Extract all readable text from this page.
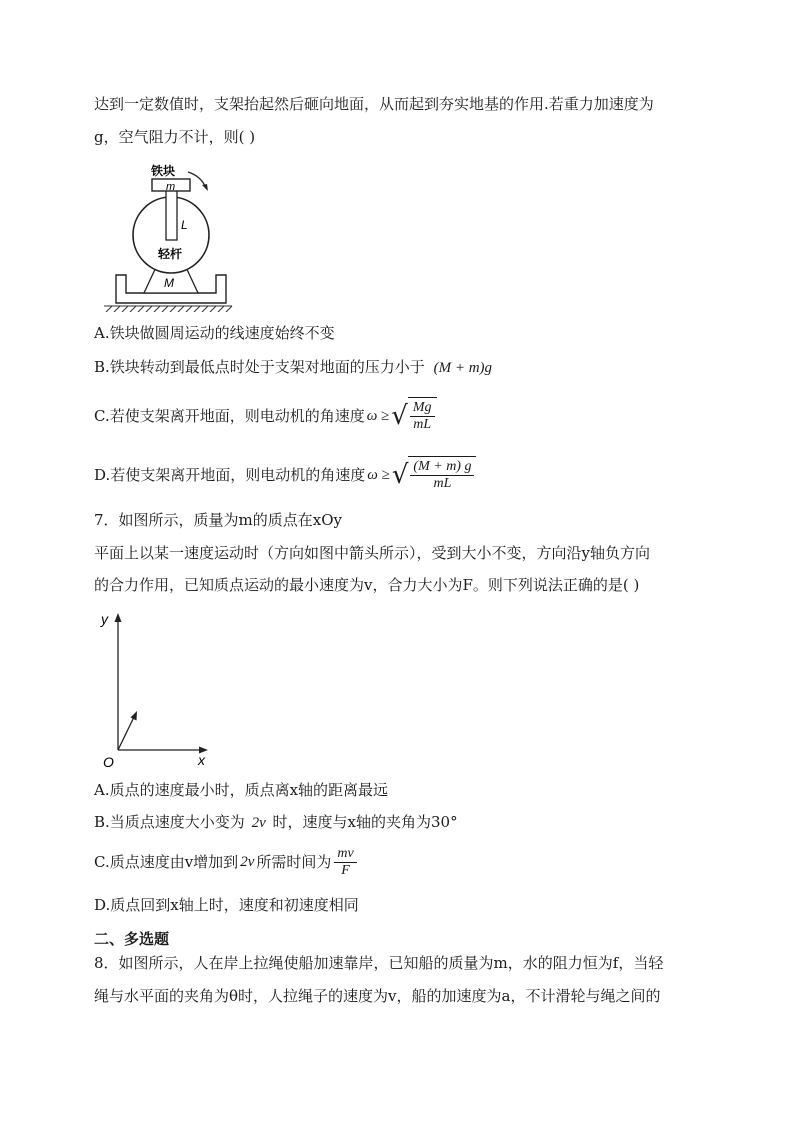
达到一定数值时，支架抬起然后砸向地面，从而起到夯实地基的作用.若重力加速度为
g，空气阻力不计，则( )
铁块
m
L
轻杆
M
A.铁块做圆周运动的线速度始终不变
B.铁块转动到最低点时处于支架对地面的压力小于 (M + m)g
C.若使支架离开地面，则电动机的角速度 ω ≥ √ $\frac{Mg}{mL}$
D.若使支架离开地面，则电动机的角速度 ω ≥ √ $\frac{(M + m) g}{mL}$
7．如图所示，质量为m的质点在xOy
平面上以某一速度运动时（方向如图中箭头所示），受到大小不变，方向沿y轴负方向
的合力作用，已知质点运动的最小速度为v，合力大小为F。则下列说法正确的是( )
y
x
O
A.质点的速度最小时，质点离x轴的距离最远
B.当质点速度大小变为 2v 时，速度与x轴的夹角为30°
C.质点速度由v增加到 2v 所需时间为 $\frac{mv}{F}$
D.质点回到x轴上时，速度和初速度相同
二、多选题
8．如图所示，人在岸上拉绳使船加速靠岸，已知船的质量为m，水的阻力恒为f，当轻
绳与水平面的夹角为θ时，人拉绳子的速度为v，船的加速度为a，不计滑轮与绳之间的
